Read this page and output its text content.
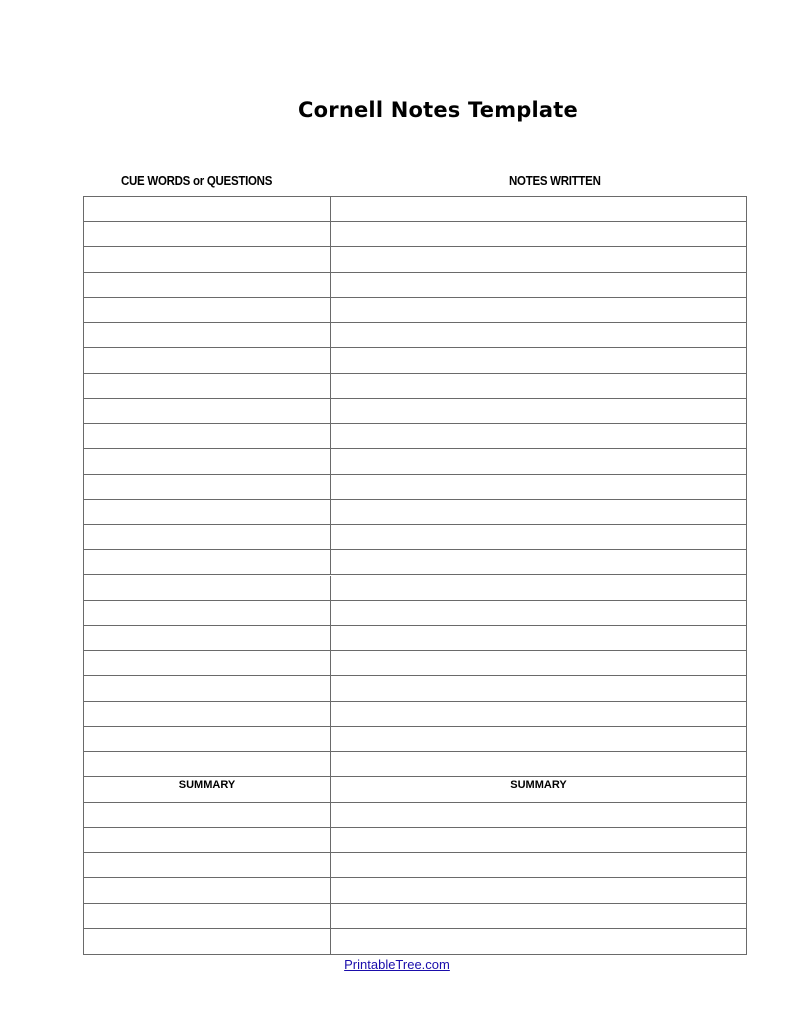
Cornell Notes Template
CUE WORDS or QUESTIONS	NOTES WRITTEN
SUMMARY	SUMMARY
PrintableTree.com
